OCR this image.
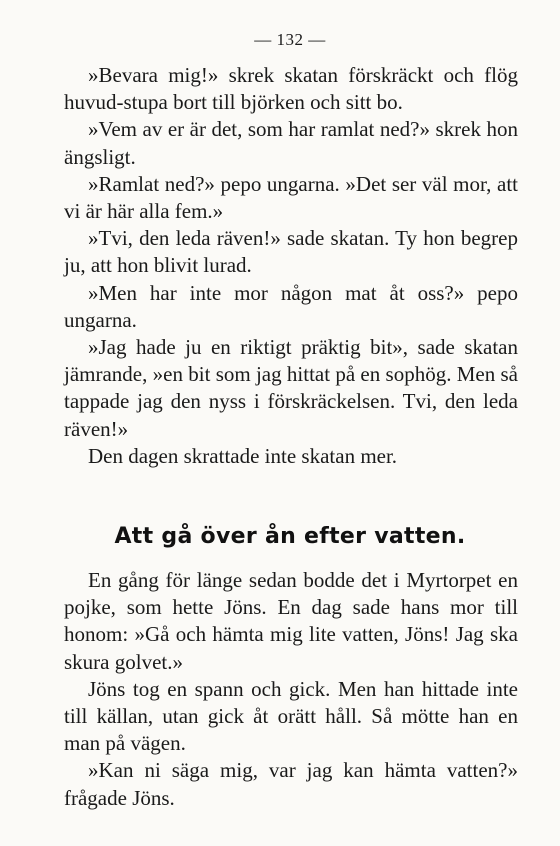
— 132 —

»Bevara mig!» skrek skatan förskräckt och flög huvud-stupa bort till björken och sitt bo.

»Vem av er är det, som har ramlat ned?» skrek hon ängsligt.

»Ramlat ned?» pepo ungarna. »Det ser väl mor, att vi är här alla fem.»

»Tvi, den leda räven!» sade skatan. Ty hon begrep ju, att hon blivit lurad.

»Men har inte mor någon mat åt oss?» pepo ungarna.

»Jag hade ju en riktigt präktig bit», sade skatan jämrande, »en bit som jag hittat på en sophög. Men så tappade jag den nyss i förskräckelsen. Tvi, den leda räven!»

Den dagen skrattade inte skatan mer.

Att gå över ån efter vatten.

En gång för länge sedan bodde det i Myrtorpet en pojke, som hette Jöns. En dag sade hans mor till honom: »Gå och hämta mig lite vatten, Jöns! Jag ska skura golvet.»

Jöns tog en spann och gick. Men han hittade inte till källan, utan gick åt orätt håll. Så mötte han en man på vägen.

»Kan ni säga mig, var jag kan hämta vatten?» frågade Jöns.
